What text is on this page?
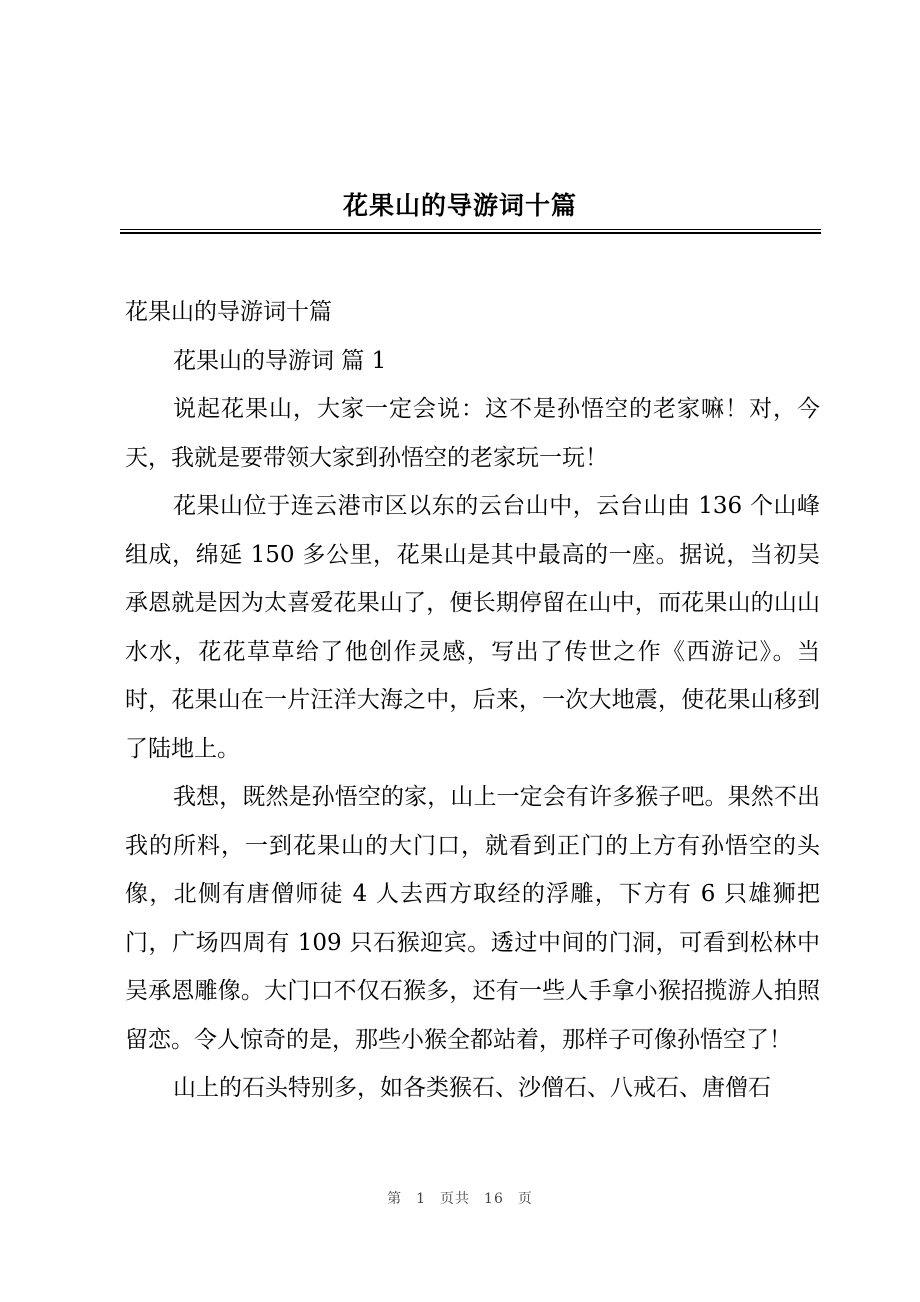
花果山的导游词十篇

花果山的导游词十篇

花果山的导游词 篇 1

说起花果山，大家一定会说：这不是孙悟空的老家嘛！对，今天，我就是要带领大家到孙悟空的老家玩一玩！

花果山位于连云港市区以东的云台山中，云台山由 136 个山峰组成，绵延 150 多公里，花果山是其中最高的一座。据说，当初吴承恩就是因为太喜爱花果山了，便长期停留在山中，而花果山的山山水水，花花草草给了他创作灵感，写出了传世之作《西游记》。当时，花果山在一片汪洋大海之中，后来，一次大地震，使花果山移到了陆地上。

我想，既然是孙悟空的家，山上一定会有许多猴子吧。果然不出我的所料，一到花果山的大门口，就看到正门的上方有孙悟空的头像，北侧有唐僧师徒 4 人去西方取经的浮雕，下方有 6 只雄狮把门，广场四周有 109 只石猴迎宾。透过中间的门洞，可看到松林中吴承恩雕像。大门口不仅石猴多，还有一些人手拿小猴招揽游人拍照留恋。令人惊奇的是，那些小猴全都站着，那样子可像孙悟空了！

山上的石头特别多，如各类猴石、沙僧石、八戒石、唐僧石

第 1 页共 16 页
